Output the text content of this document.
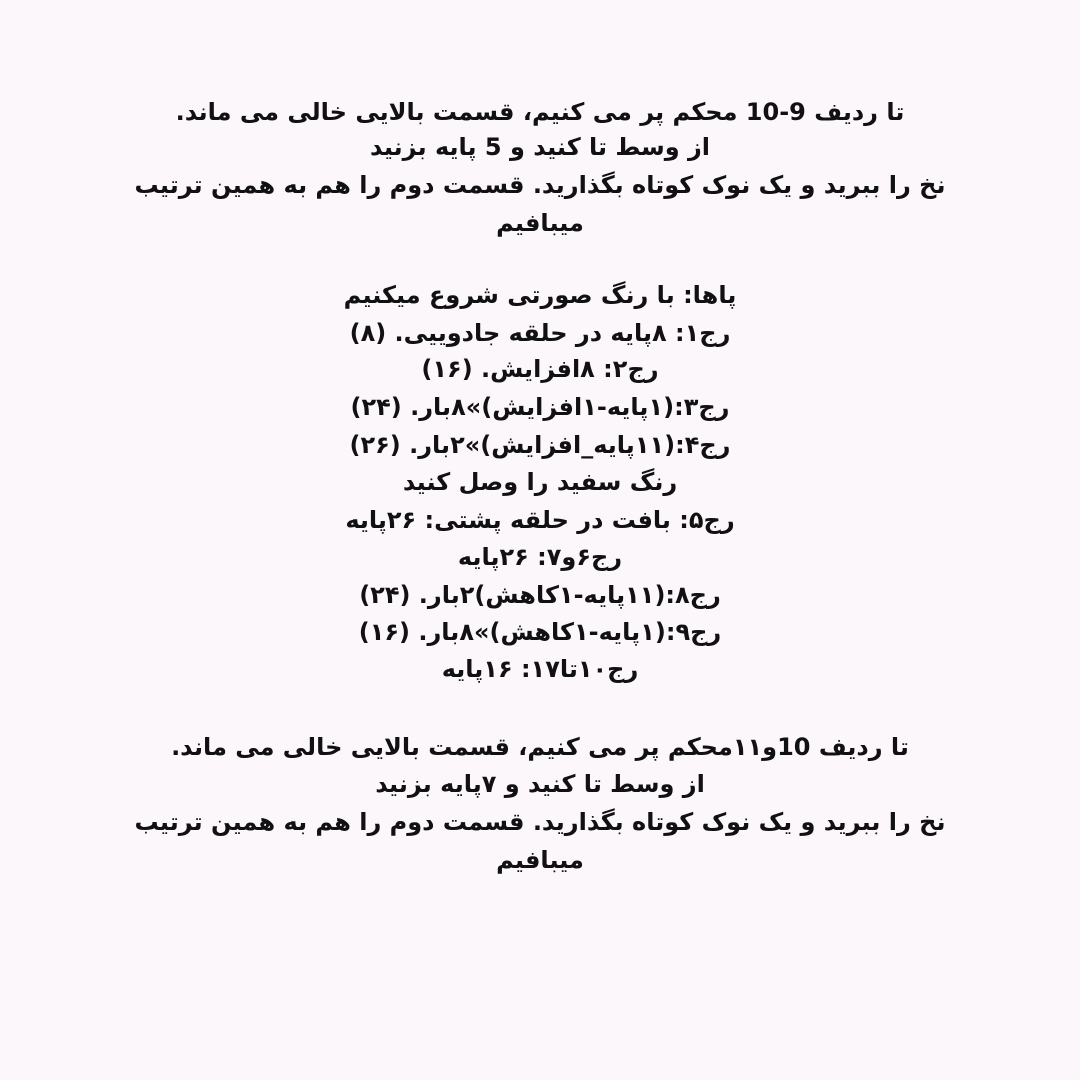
تا ردیف 9-10 محکم پر می کنیم، قسمت بالایی خالی می ماند.
از وسط تا کنید و 5 پایه بزنید
نخ را ببرید و یک نوک کوتاه بگذارید. قسمت دوم را هم به همین ترتیب
میبافیم
پاها: با رنگ صورتی شروع میکنیم
رج۱: ۸پایه در حلقه جادوییی. (۸)
رج۲: ۸افزایش. (۱۶)
رج۳:(۱پایه-۱افزایش)»۸بار. (۲۴)
رج۴:(۱۱پایه_افزایش)»۲بار. (۲۶)
رنگ سفید را وصل کنید
رج۵: بافت در حلقه پشتی: ۲۶پایه
رج۶و۷: ۲۶پایه
رج۸:(۱۱پایه-۱کاهش)۲بار. (۲۴)
رج۹:(۱پایه-۱کاهش)»۸بار. (۱۶)
رج۱۰تا۱۷: ۱۶پایه
تا ردیف 10و۱۱محکم پر می کنیم، قسمت بالایی خالی می ماند.
از وسط تا کنید و ۷پایه بزنید
نخ را ببرید و یک نوک کوتاه بگذارید. قسمت دوم را هم به همین ترتیب
میبافیم
